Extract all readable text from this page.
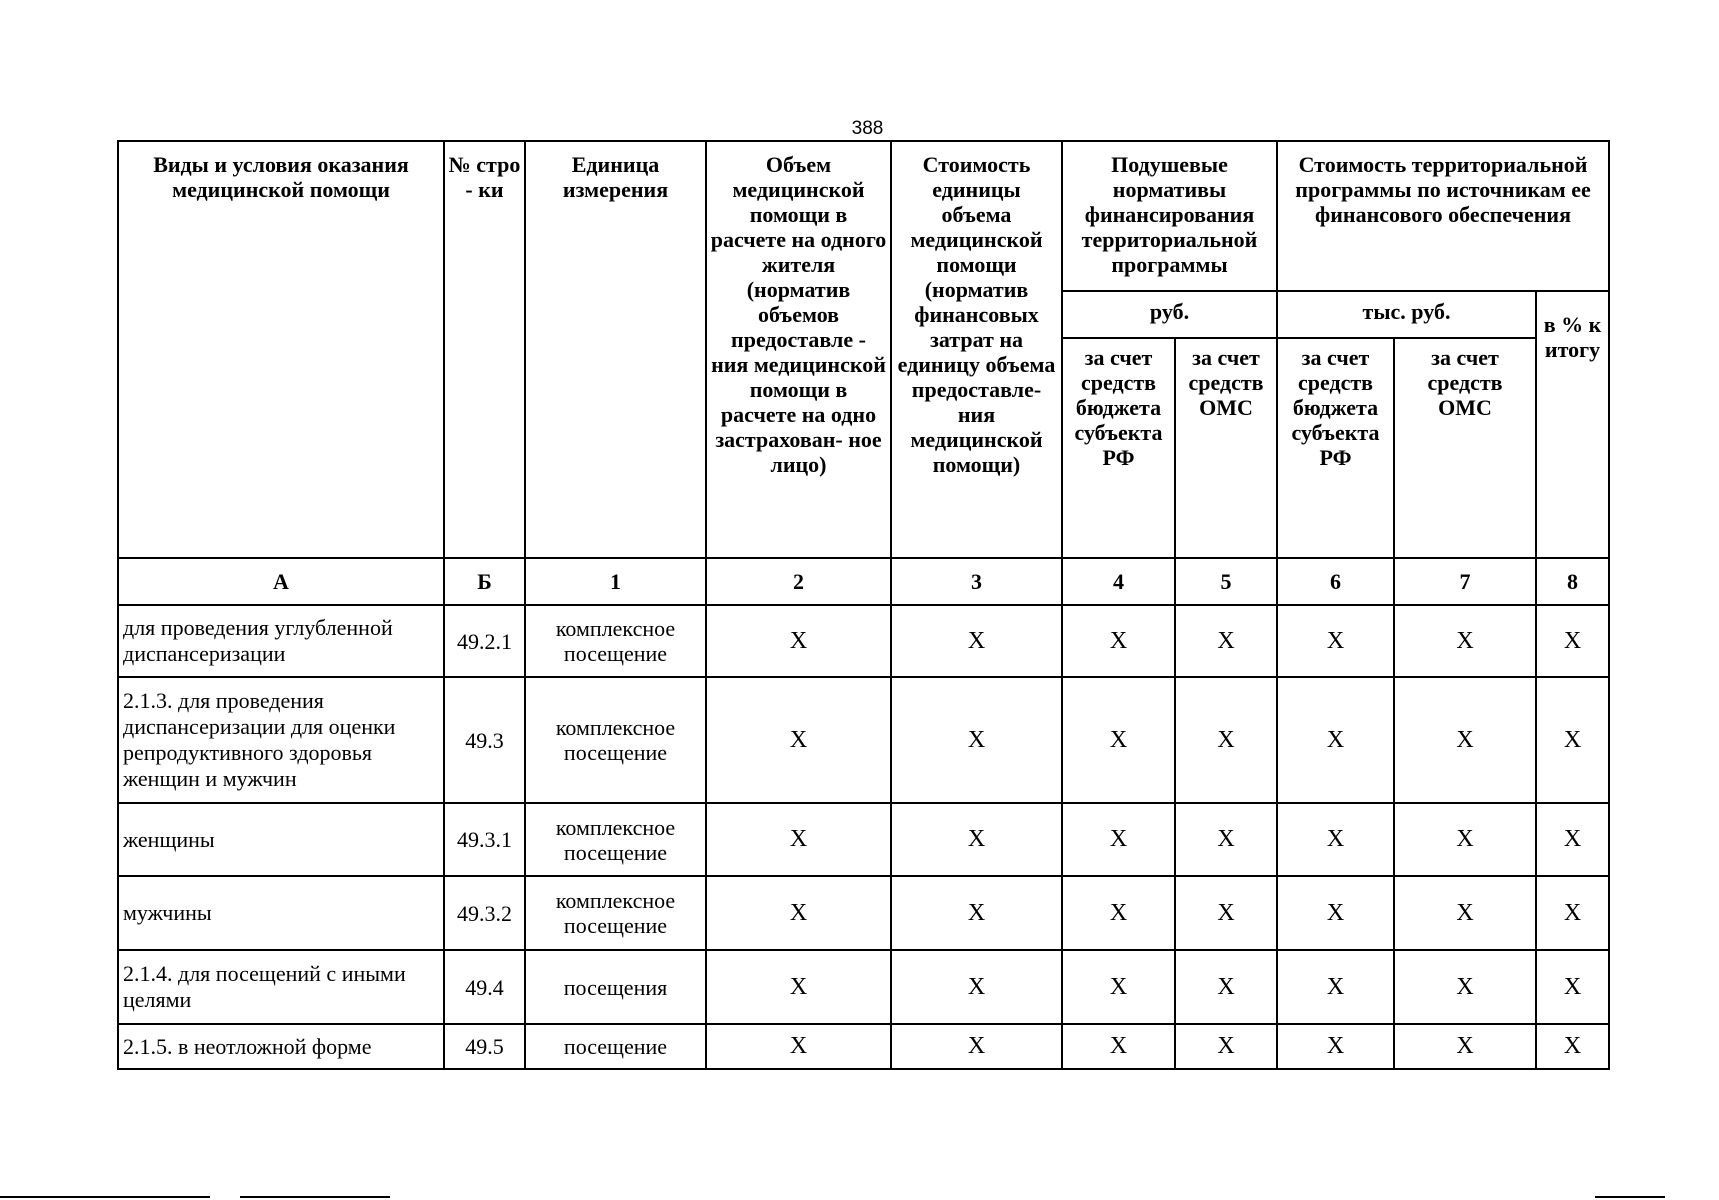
388
Виды и условия оказания медицинской помощи	№ стро - ки	Единица измерения	Объем медицинской помощи в расчете на одного жителя (норматив объемов предоставле - ния медицинской помощи в расчете на одно застрахован- ное лицо)	Стоимость единицы объема медицинской помощи (норматив финансовых затрат на единицу объема предоставле- ния медицинской помощи)	Подушевые нормативы финансирования территориальной программы		Стоимость территориальной программы по источникам ее финансового обеспечения		
					руб.		тыс. руб.		в % к итогу
					за счет средств бюджета субъекта РФ	за счет средств ОМС	за счет средств бюджета субъекта РФ	за счет средств ОМС	
А	Б	1	2	3	4	5	6	7	8
для проведения углубленной диспансеризации	49.2.1	комплексное посещение	X	X	X	X	X	X	X
2.1.3. для проведения диспансеризации для оценки репродуктивного здоровья женщин и мужчин	49.3	комплексное посещение	X	X	X	X	X	X	X
женщины	49.3.1	комплексное посещение	X	X	X	X	X	X	X
мужчины	49.3.2	комплексное посещение	X	X	X	X	X	X	X
2.1.4. для посещений с иными целями	49.4	посещения	X	X	X	X	X	X	X
2.1.5. в неотложной форме	49.5	посещение	X	X	X	X	X	X	X
